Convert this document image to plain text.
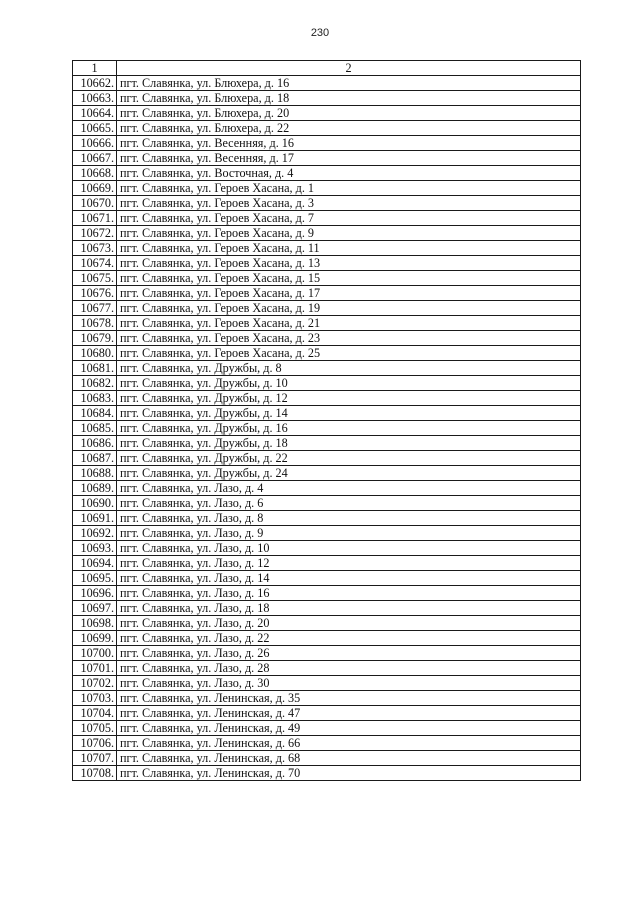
230
1	2
10662.	пгт. Славянка, ул. Блюхера, д. 16
10663.	пгт. Славянка, ул. Блюхера, д. 18
10664.	пгт. Славянка, ул. Блюхера, д. 20
10665.	пгт. Славянка, ул. Блюхера, д. 22
10666.	пгт. Славянка, ул. Весенняя, д. 16
10667.	пгт. Славянка, ул. Весенняя, д. 17
10668.	пгт. Славянка, ул. Восточная, д. 4
10669.	пгт. Славянка, ул. Героев Хасана, д. 1
10670.	пгт. Славянка, ул. Героев Хасана, д. 3
10671.	пгт. Славянка, ул. Героев Хасана, д. 7
10672.	пгт. Славянка, ул. Героев Хасана, д. 9
10673.	пгт. Славянка, ул. Героев Хасана, д. 11
10674.	пгт. Славянка, ул. Героев Хасана, д. 13
10675.	пгт. Славянка, ул. Героев Хасана, д. 15
10676.	пгт. Славянка, ул. Героев Хасана, д. 17
10677.	пгт. Славянка, ул. Героев Хасана, д. 19
10678.	пгт. Славянка, ул. Героев Хасана, д. 21
10679.	пгт. Славянка, ул. Героев Хасана, д. 23
10680.	пгт. Славянка, ул. Героев Хасана, д. 25
10681.	пгт. Славянка, ул. Дружбы, д. 8
10682.	пгт. Славянка, ул. Дружбы, д. 10
10683.	пгт. Славянка, ул. Дружбы, д. 12
10684.	пгт. Славянка, ул. Дружбы, д. 14
10685.	пгт. Славянка, ул. Дружбы, д. 16
10686.	пгт. Славянка, ул. Дружбы, д. 18
10687.	пгт. Славянка, ул. Дружбы, д. 22
10688.	пгт. Славянка, ул. Дружбы, д. 24
10689.	пгт. Славянка, ул. Лазо, д. 4
10690.	пгт. Славянка, ул. Лазо, д. 6
10691.	пгт. Славянка, ул. Лазо, д. 8
10692.	пгт. Славянка, ул. Лазо, д. 9
10693.	пгт. Славянка, ул. Лазо, д. 10
10694.	пгт. Славянка, ул. Лазо, д. 12
10695.	пгт. Славянка, ул. Лазо, д. 14
10696.	пгт. Славянка, ул. Лазо, д. 16
10697.	пгт. Славянка, ул. Лазо, д. 18
10698.	пгт. Славянка, ул. Лазо, д. 20
10699.	пгт. Славянка, ул. Лазо, д. 22
10700.	пгт. Славянка, ул. Лазо, д. 26
10701.	пгт. Славянка, ул. Лазо, д. 28
10702.	пгт. Славянка, ул. Лазо, д. 30
10703.	пгт. Славянка, ул. Ленинская, д. 35
10704.	пгт. Славянка, ул. Ленинская, д. 47
10705.	пгт. Славянка, ул. Ленинская, д. 49
10706.	пгт. Славянка, ул. Ленинская, д. 66
10707.	пгт. Славянка, ул. Ленинская, д. 68
10708.	пгт. Славянка, ул. Ленинская, д. 70
